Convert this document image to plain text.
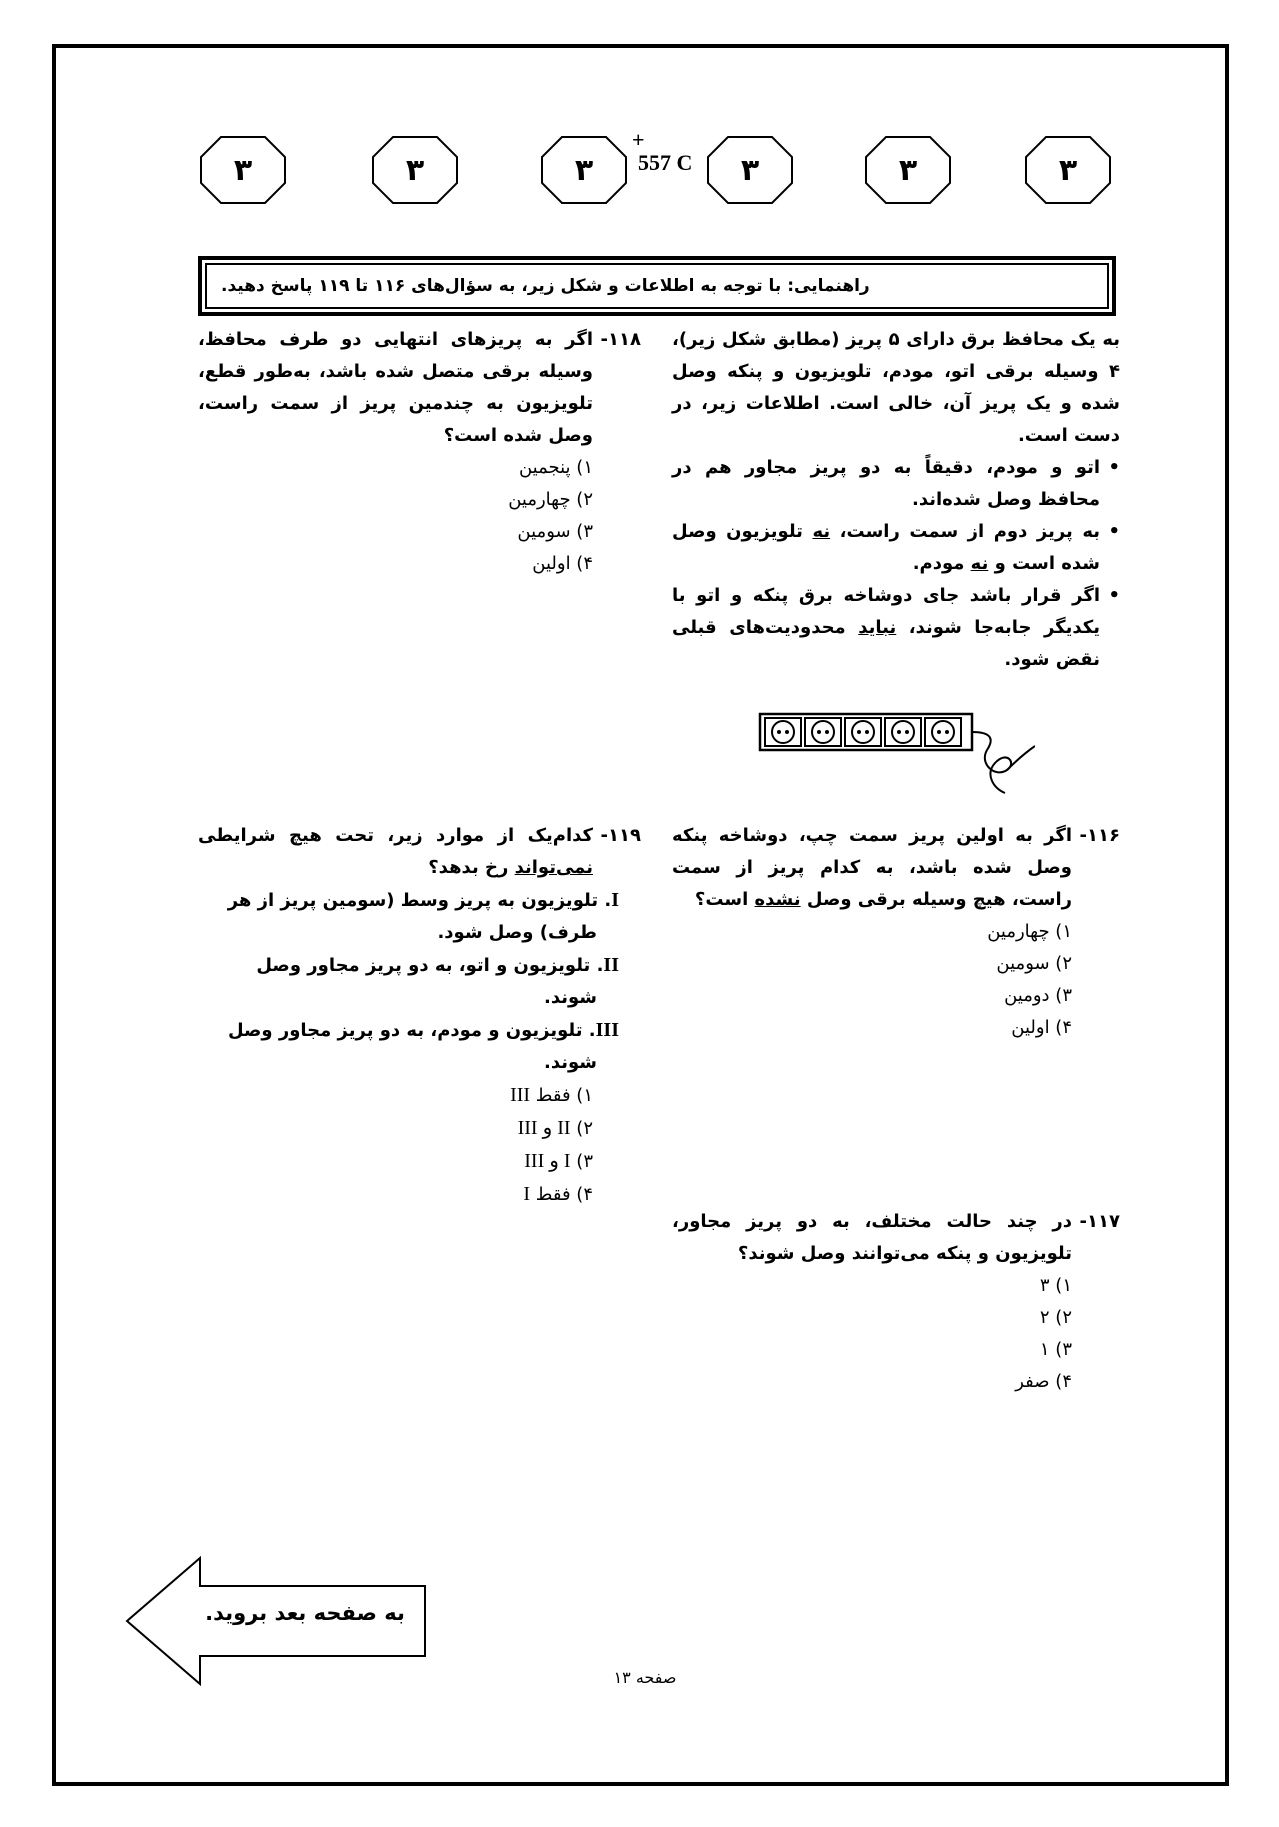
۳	۳	۳	۳	۳	۳
+
557 C
راهنمایی: با توجه به اطلاعات و شکل زیر، به سؤال‌های ۱۱۶ تا ۱۱۹ پاسخ دهید.
به یک محافظ برق دارای ۵ پریز (مطابق شکل زیر)، ۴ وسیله برقی اتو، مودم، تلویزیون و پنکه وصل شده و یک پریز آن، خالی است. اطلاعات زیر، در دست است.
• اتو و مودم، دقیقاً به دو پریز مجاور هم در محافظ وصل شده‌اند.
• به پریز دوم از سمت راست، نه تلویزیون وصل شده است و نه مودم.
• اگر قرار باشد جای دوشاخه برق پنکه و اتو با یکدیگر جابه‌جا شوند، نباید محدودیت‌های قبلی نقض شود.
۱۱۸-
اگر به پریزهای انتهایی دو طرف محافظ، وسیله برقی متصل شده باشد، به‌طور قطع، تلویزیون به چندمین پریز از سمت راست، وصل شده است؟
۱) پنجمین
۲) چهارمین
۳) سومین
۴) اولین
۱۱۶-
اگر به اولین پریز سمت چپ، دوشاخه پنکه وصل شده باشد، به کدام پریز از سمت راست، هیچ وسیله برقی وصل نشده است؟
۱) چهارمین
۲) سومین
۳) دومین
۴) اولین
۱۱۹-
کدام‌یک از موارد زیر، تحت هیچ شرایطی نمی‌تواند رخ بدهد؟
I. تلویزیون به پریز وسط (سومین پریز از هر طرف) وصل شود.
II. تلویزیون و اتو، به دو پریز مجاور وصل شوند.
III. تلویزیون و مودم، به دو پریز مجاور وصل شوند.
۱) فقط III
۲) II و III
۳) I و III
۴) فقط I
۱۱۷-
در چند حالت مختلف، به دو پریز مجاور، تلویزیون و پنکه می‌توانند وصل شوند؟
۱) ۳
۲) ۲
۳) ۱
۴) صفر
به صفحه بعد بروید.
صفحه ۱۳
